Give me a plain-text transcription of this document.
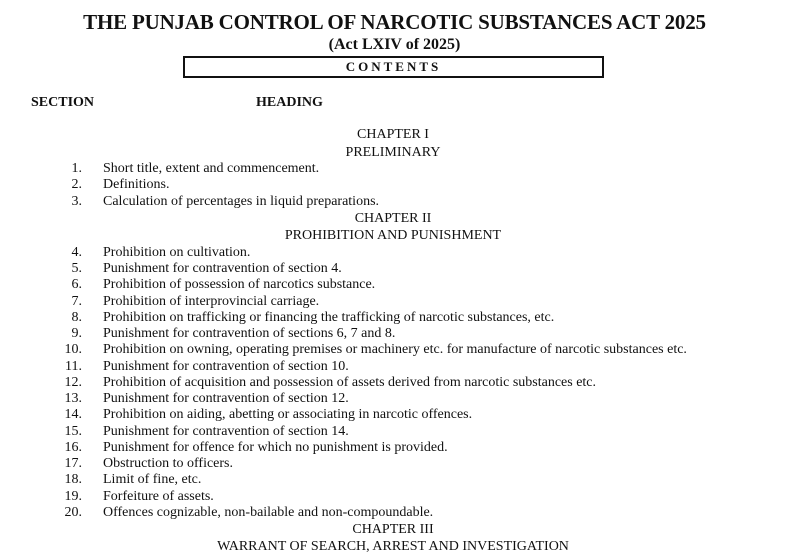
THE PUNJAB CONTROL OF NARCOTIC SUBSTANCES ACT 2025
(Act LXIV of 2025)
CONTENTS
SECTION	HEADING
CHAPTER I
PRELIMINARY
1. Short title, extent and commencement.
2. Definitions.
3. Calculation of percentages in liquid preparations.
CHAPTER II
PROHIBITION AND PUNISHMENT
4. Prohibition on cultivation.
5. Punishment for contravention of section 4.
6. Prohibition of possession of narcotics substance.
7. Prohibition of interprovincial carriage.
8. Prohibition on trafficking or financing the trafficking of narcotic substances, etc.
9. Punishment for contravention of sections 6, 7 and 8.
10. Prohibition on owning, operating premises or machinery etc. for manufacture of narcotic substances etc.
11. Punishment for contravention of section 10.
12. Prohibition of acquisition and possession of assets derived from narcotic substances etc.
13. Punishment for contravention of section 12.
14. Prohibition on aiding, abetting or associating in narcotic offences.
15. Punishment for contravention of section 14.
16. Punishment for offence for which no punishment is provided.
17. Obstruction to officers.
18. Limit of fine, etc.
19. Forfeiture of assets.
20. Offences cognizable, non-bailable and non-compoundable.
CHAPTER III
WARRANT OF SEARCH, ARREST AND INVESTIGATION
